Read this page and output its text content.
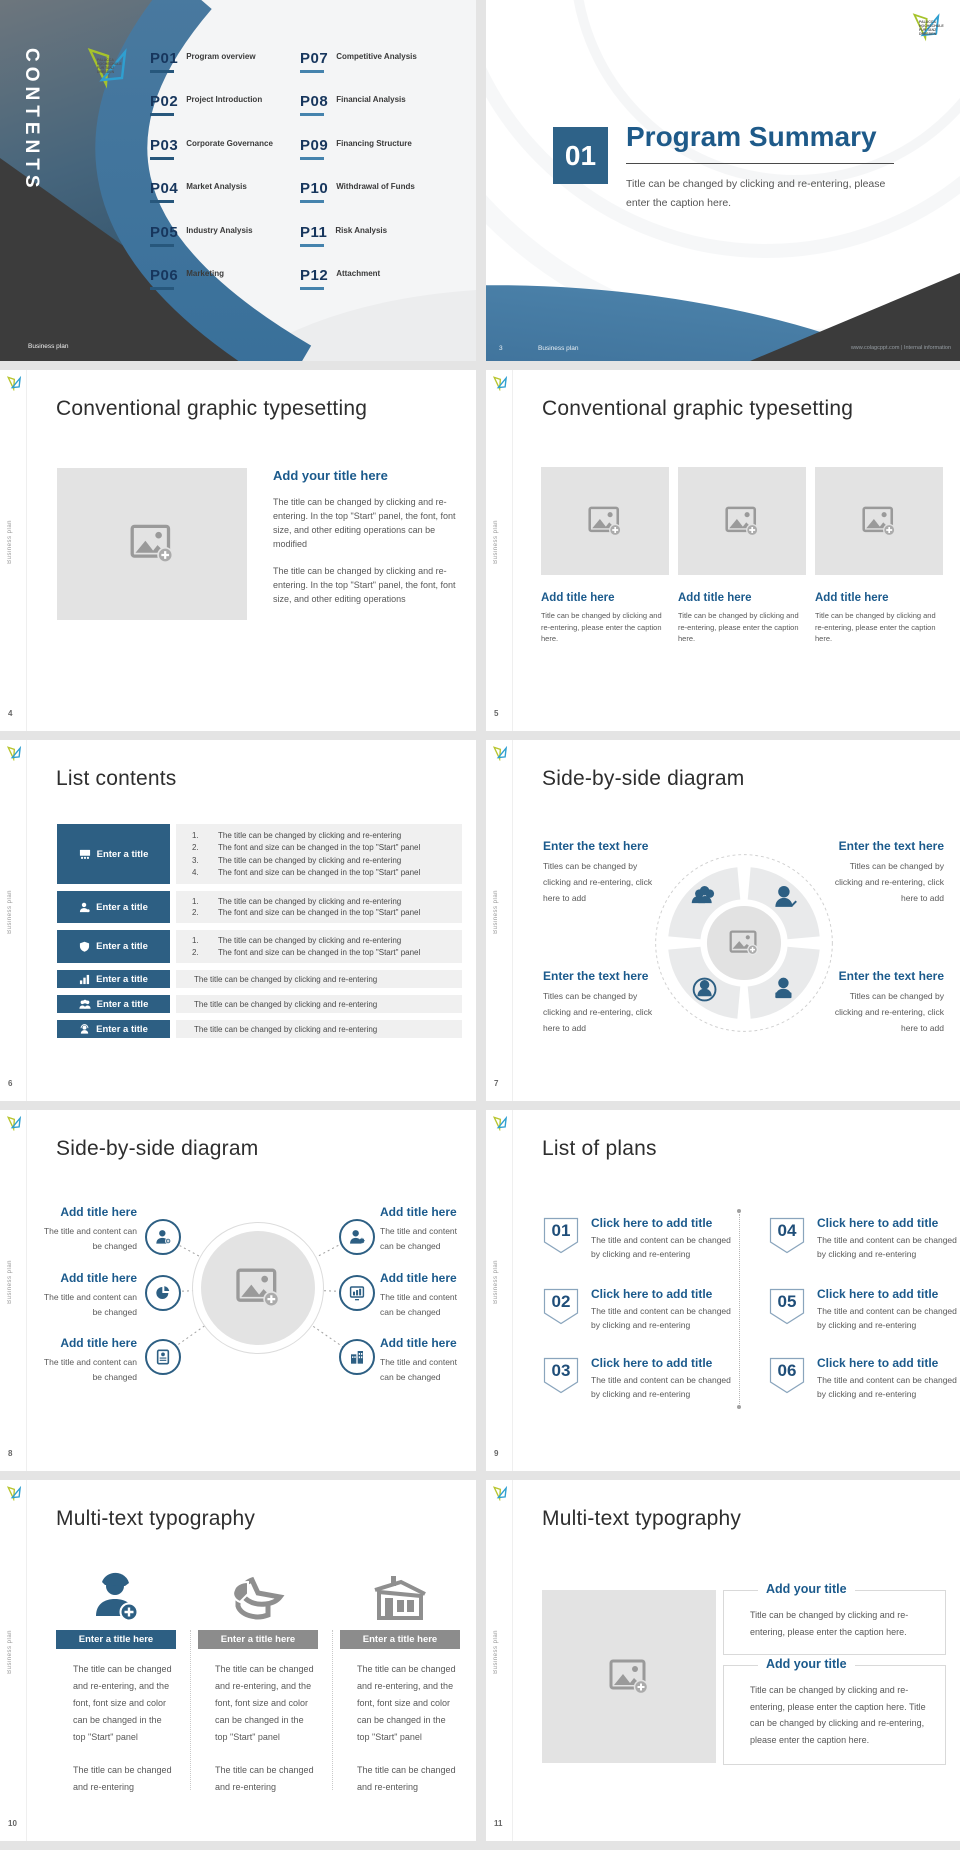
CONTENTS	PALUCCA HOCHSCHULE FÜR TANZ DRESDEN
P01 Program overview
P02 Project Introduction
P03 Corporate Governance
P04 Market Analysis
P05 Industry Analysis
P06 Marketing
P07 Competitive Analysis
P08 Financial Analysis
P09 Financing Structure
P10 Withdrawal of Funds
P11 Risk Analysis
P12 Attachment
Business plan
PALUCCA HOCHSCHULE FÜR TANZ DRESDEN
01
Program Summary
Title can be changed by clicking and re-entering, please enter the caption here.
www.colagcppt.com | Internal information
3	Business plan
Business plan
Conventional graphic typesetting
Add your title here

The title can be changed by clicking and re-entering. In the top "Start" panel, the font, font size, and other editing operations can be modified

The title can be changed by clicking and re-entering. In the top "Start" panel, the font, font size, and other editing operations

4
Business plan
Conventional graphic typesetting
Add title here

Title can be changed by clicking and re-entering, please enter the caption here.

Add title here

Title can be changed by clicking and re-entering, please enter the caption here.

Add title here

Title can be changed by clicking and re-entering, please enter the caption here.

5
Business plan
List contents
Enter a title
1.	The title can be changed by clicking and re-entering
2.	The font and size can be changed in the top "Start" panel
3.	The title can be changed by clicking and re-entering
4.	The font and size can be changed in the top "Start" panel
Enter a title	1.	The title can be changed by clicking and re-entering
2.	The font and size can be changed in the top "Start" panel
Enter a title
1.	The title can be changed by clicking and re-entering
2.	The font and size can be changed in the top "Start" panel
Enter a title	The title can be changed by clicking and re-entering
Enter a title	The title can be changed by clicking and re-entering
Enter a title	The title can be changed by clicking and re-entering
6
Business plan
Side-by-side diagram
Enter the text here

Titles can be changed by clicking and re-entering, click here to add

Enter the text here

Titles can be changed by clicking and re-entering, click here to add

Enter the text here

Titles can be changed by clicking and re-entering, click here to add

Enter the text here

Titles can be changed by clicking and re-entering, click here to add

7
Business plan
Side-by-side diagram
Add title here

The title and content can be changed

Add title here

The title and content can be changed

Add title here

The title and content can be changed

Add title here

The title and content can be changed

Add title here

The title and content can be changed

Add title here

The title and content can be changed

8
Business plan
List of plans
01	Click here to add title

The title and content can be changed by clicking and re-entering

02	Click here to add title

The title and content can be changed by clicking and re-entering

03	Click here to add title

The title and content can be changed by clicking and re-entering

04	Click here to add title

The title and content can be changed by clicking and re-entering

05	Click here to add title

The title and content can be changed by clicking and re-entering

06	Click here to add title

The title and content can be changed by clicking and re-entering

9
Business plan
Multi-text typography
Enter a title here

The title can be changed and re-entering, and the font, font size and color can be changed in the top "Start" panel

The title can be changed and re-entering

Enter a title here

The title can be changed and re-entering, and the font, font size and color can be changed in the top "Start" panel

The title can be changed and re-entering

Enter a title here

The title can be changed and re-entering, and the font, font size and color can be changed in the top "Start" panel

The title can be changed and re-entering

10
Business plan
Multi-text typography
Add your title

Title can be changed by clicking and re-entering, please enter the caption here.

Add your title

Title can be changed by clicking and re-entering, please enter the caption here. Title can be changed by clicking and re-entering, please enter the caption here.

11
